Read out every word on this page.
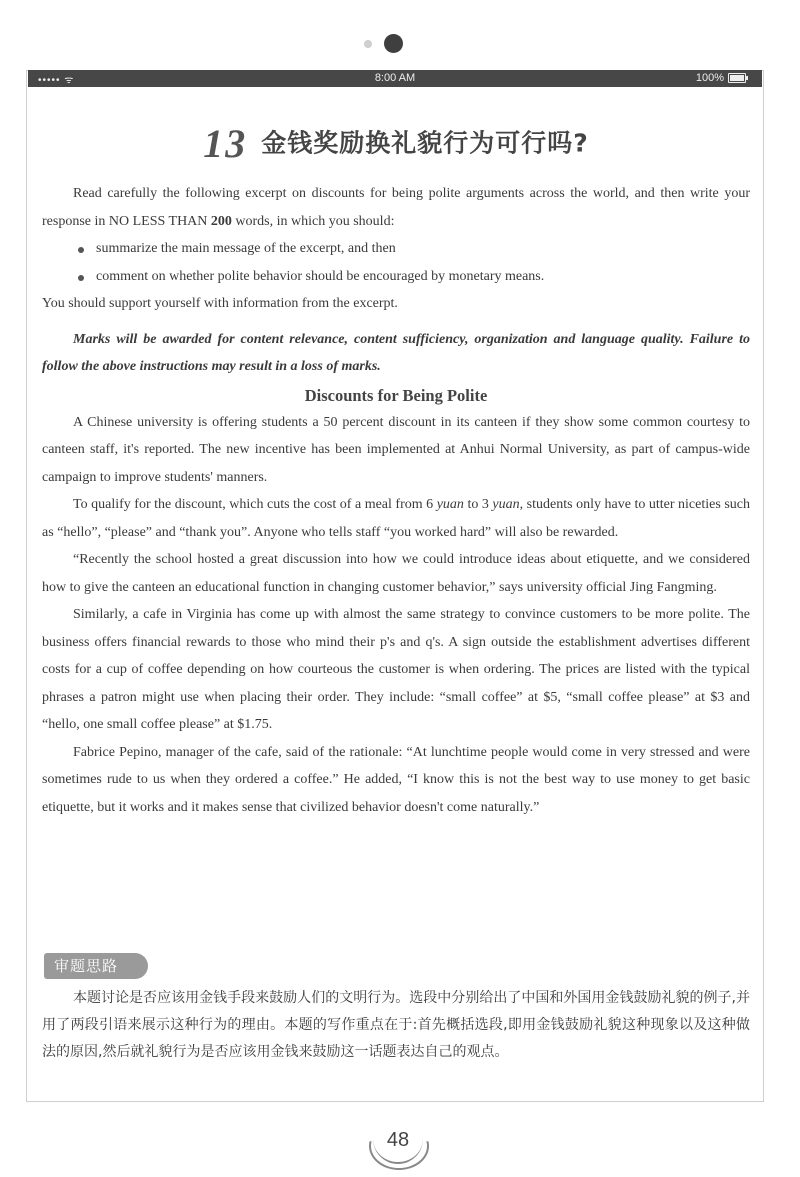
••••• ᯤ	8:00 AM	100%
13 金钱奖励换礼貌行为可行吗?

Read carefully the following excerpt on discounts for being polite arguments across the world, and then write your response in NO LESS THAN 200 words, in which you should:

summarize the main message of the excerpt, and then
comment on whether polite behavior should be encouraged by monetary means.

You should support yourself with information from the excerpt.

Marks will be awarded for content relevance, content sufficiency, organization and language quality. Failure to follow the above instructions may result in a loss of marks.

Discounts for Being Polite

A Chinese university is offering students a 50 percent discount in its canteen if they show some common courtesy to canteen staff, it's reported. The new incentive has been implemented at Anhui Normal University, as part of campus-wide campaign to improve students' manners.

To qualify for the discount, which cuts the cost of a meal from 6 yuan to 3 yuan, students only have to utter niceties such as “hello”, “please” and “thank you”. Anyone who tells staff “you worked hard” will also be rewarded.

“Recently the school hosted a great discussion into how we could introduce ideas about etiquette, and we considered how to give the canteen an educational function in changing customer behavior,” says university official Jing Fangming.

Similarly, a cafe in Virginia has come up with almost the same strategy to convince customers to be more polite. The business offers financial rewards to those who mind their p's and q's. A sign outside the establishment advertises different costs for a cup of coffee depending on how courteous the customer is when ordering. The prices are listed with the typical phrases a patron might use when placing their order. They include: “small coffee” at $5, “small coffee please” at $3 and “hello, one small coffee please” at $1.75.

Fabrice Pepino, manager of the cafe, said of the rationale: “At lunchtime people would come in very stressed and were sometimes rude to us when they ordered a coffee.” He added, “I know this is not the best way to use money to get basic etiquette, but it works and it makes sense that civilized behavior doesn't come naturally.”

审题思路

本题讨论是否应该用金钱手段来鼓励人们的文明行为。选段中分别给出了中国和外国用金钱鼓励礼貌的例子,并用了两段引语来展示这种行为的理由。本题的写作重点在于:首先概括选段,即用金钱鼓励礼貌这种现象以及这种做法的原因,然后就礼貌行为是否应该用金钱来鼓励这一话题表达自己的观点。

48
